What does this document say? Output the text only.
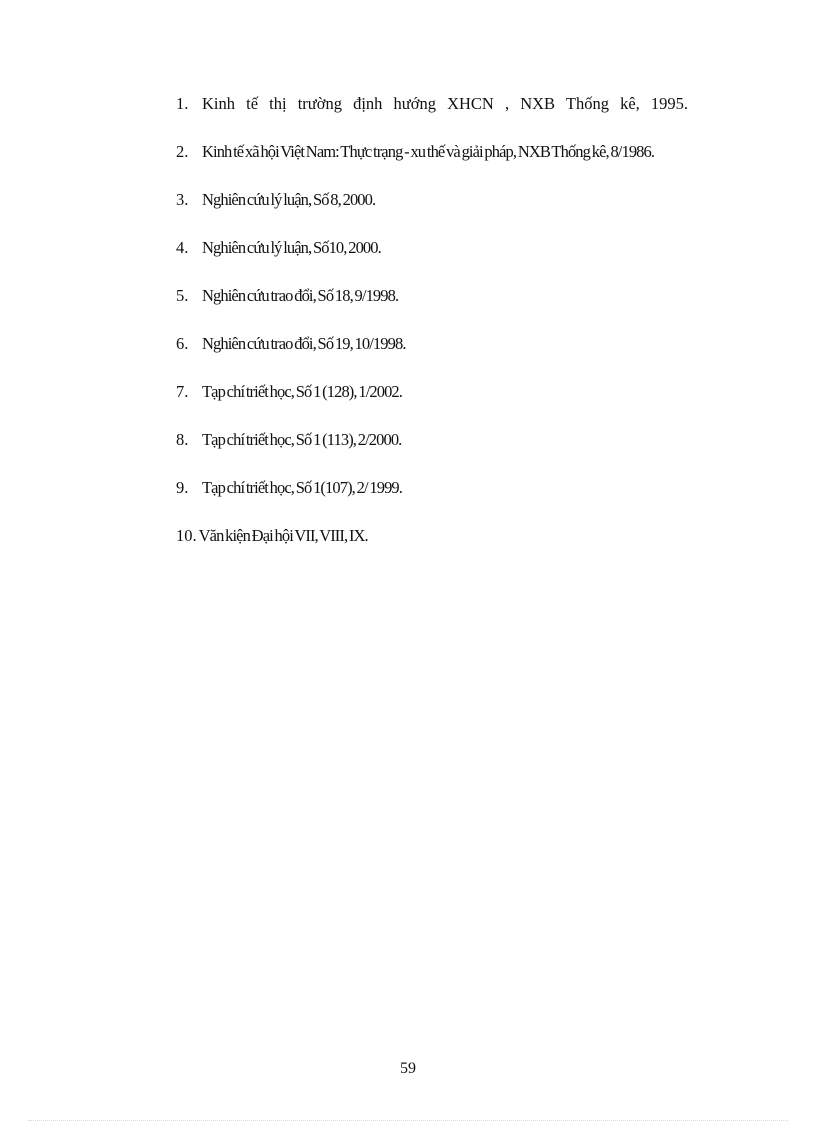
1. Kinh tế thị trường định hướng XHCN , NXB Thống kê, 1995.
2. Kinh tế xã hội Việt Nam: Thực trạng - xu thế và giải pháp, NXB Thống kê, 8/1986.
3. Nghiên cứu lý luận, Số 8, 2000.
4. Nghiên cứu lý luận, Số10, 2000.
5. Nghiên cứu trao đổi, Số 18, 9/1998.
6. Nghiên cứu trao đổi, Số 19, 10/1998.
7. Tạp chí triết học, Số 1 (128), 1/2002.
8. Tạp chí triết học, Số 1 (113), 2/2000.
9. Tạp chí triết học, Số 1(107), 2/ 1999.
10. Văn kiện Đại hội VII, VIII, IX.
59
